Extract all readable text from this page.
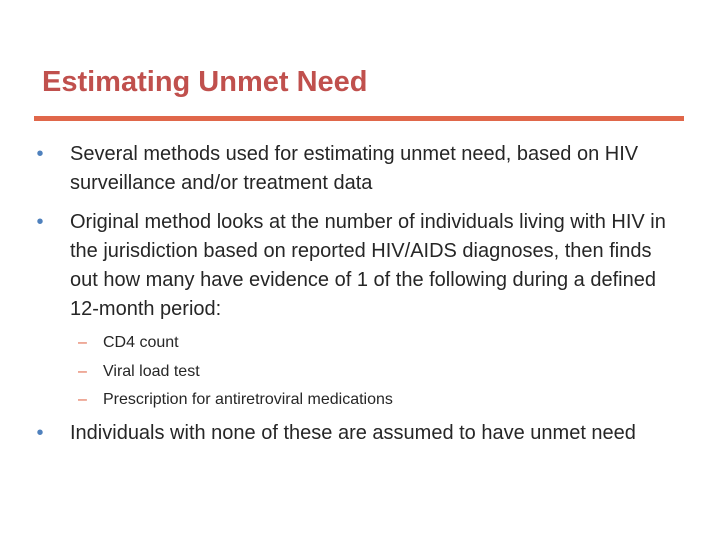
Estimating Unmet Need
•	Several methods used for estimating unmet need, based on HIV surveillance and/or treatment data
•	Original method looks at the number of individuals living with HIV in the jurisdiction based on reported HIV/AIDS diagnoses, then finds out how many have evidence of 1 of the following during a defined 12-month period:
– CD4 count
– Viral load test
– Prescription for antiretroviral medications
•	Individuals with none of these are assumed to have unmet need
